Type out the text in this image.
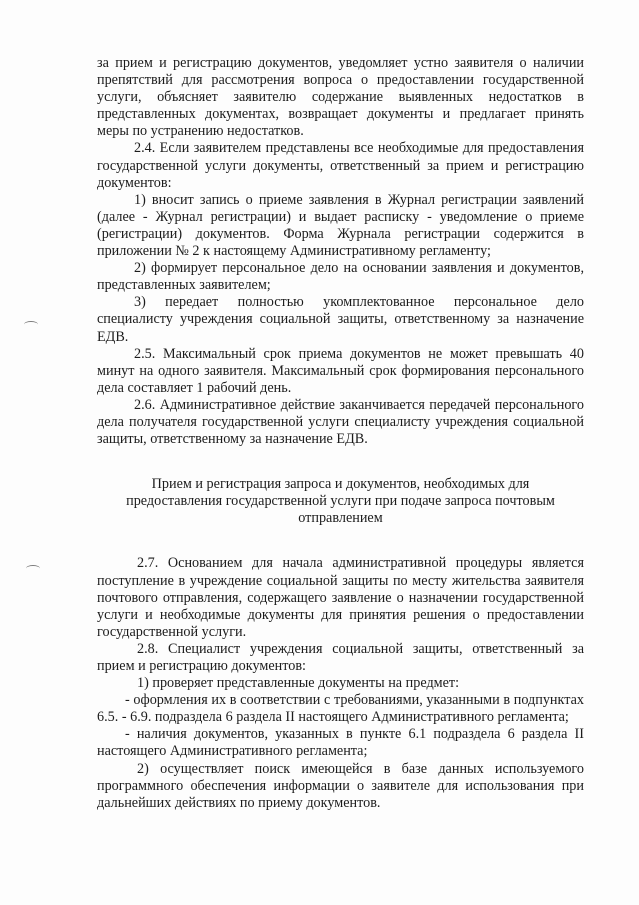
за прием и регистрацию документов, уведомляет устно заявителя о наличии препятствий для рассмотрения вопроса о предоставлении государственной услуги, объясняет заявителю содержание выявленных недостатков в представленных документах, возвращает документы и предлагает принять меры по устранению недостатков.

2.4. Если заявителем представлены все необходимые для предоставления государственной услуги документы, ответственный за прием и регистрацию документов:

1) вносит запись о приеме заявления в Журнал регистрации заявлений (далее - Журнал регистрации) и выдает расписку - уведомление о приеме (регистрации) документов. Форма Журнала регистрации содержится в приложении № 2 к настоящему Административному регламенту;

2) формирует персональное дело на основании заявления и документов, представленных заявителем;

3) передает полностью укомплектованное персональное дело специалисту учреждения социальной защиты, ответственному за назначение ЕДВ.

2.5. Максимальный срок приема документов не может превышать 40 минут на одного заявителя. Максимальный срок формирования персонального дела составляет 1 рабочий день.

2.6. Административное действие заканчивается передачей персонального дела получателя государственной услуги специалисту учреждения социальной защиты, ответственному за назначение ЕДВ.

Прием и регистрация запроса и документов, необходимых для предоставления государственной услуги при подаче запроса почтовым отправлением

2.7. Основанием для начала административной процедуры является поступление в учреждение социальной защиты по месту жительства заявителя почтового отправления, содержащего заявление о назначении государственной услуги и необходимые документы для принятия решения о предоставлении государственной услуги.

2.8. Специалист учреждения социальной защиты, ответственный за прием и регистрацию документов:

1) проверяет представленные документы на предмет:

- оформления их в соответствии с требованиями, указанными в подпунктах 6.5. - 6.9. подраздела 6 раздела II настоящего Административного регламента;

- наличия документов, указанных в пункте 6.1 подраздела 6 раздела II настоящего Административного регламента;

2) осуществляет поиск имеющейся в базе данных используемого программного обеспечения информации о заявителе для использования при дальнейших действиях по приему документов.
